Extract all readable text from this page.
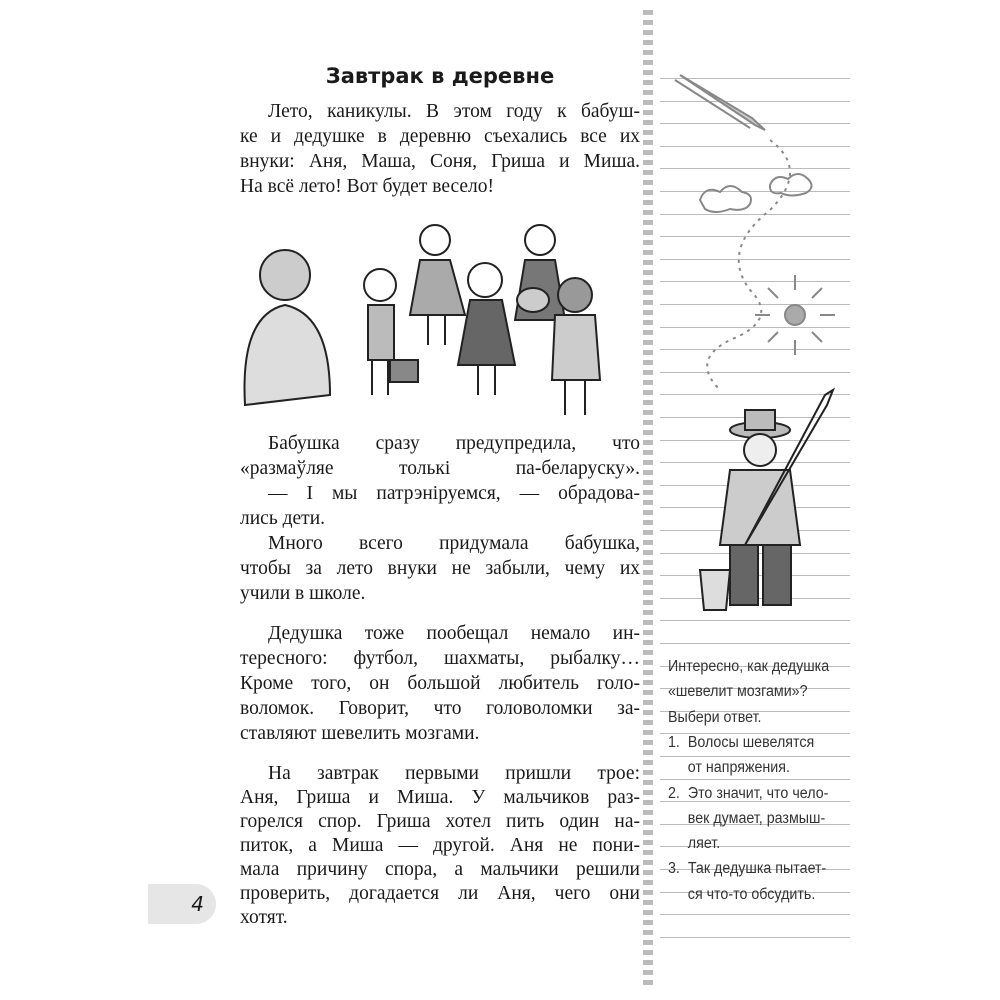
Завтрак в деревне
Лето, каникулы. В этом году к бабуш-
ке и дедушке в деревню съехались все их
внуки: Аня, Маша, Соня, Гриша и Миша.
На всё лето! Вот будет весело!
Бабушка сразу предупредила, что
«размаўляе толькі па-беларуску».
— І мы патрэніруемся, — обрадова-
лись дети.
Много всего придумала бабушка,
чтобы за лето внуки не забыли, чему их
учили в школе.
Дедушка тоже пообещал немало ин-
тересного: футбол, шахматы, рыбалку…
Кроме того, он большой любитель голо-
воломок. Говорит, что головоломки за-
ставляют шевелить мозгами.
На завтрак первыми пришли трое:
Аня, Гриша и Миша. У мальчиков раз-
горелся спор. Гриша хотел пить один на-
питок, а Миша — другой. Аня не пони-
мала причину спора, а мальчики решили
проверить, догадается ли Аня, чего они
хотят.
Интересно, как дедушка
«шевелит мозгами»?
Выбери ответ.
1.  Волосы шевелятся
от напряжения.
2.  Это значит, что чело-
век думает, размыш-
ляет.
3.  Так дедушка пытает-
ся что-то обсудить.
4
